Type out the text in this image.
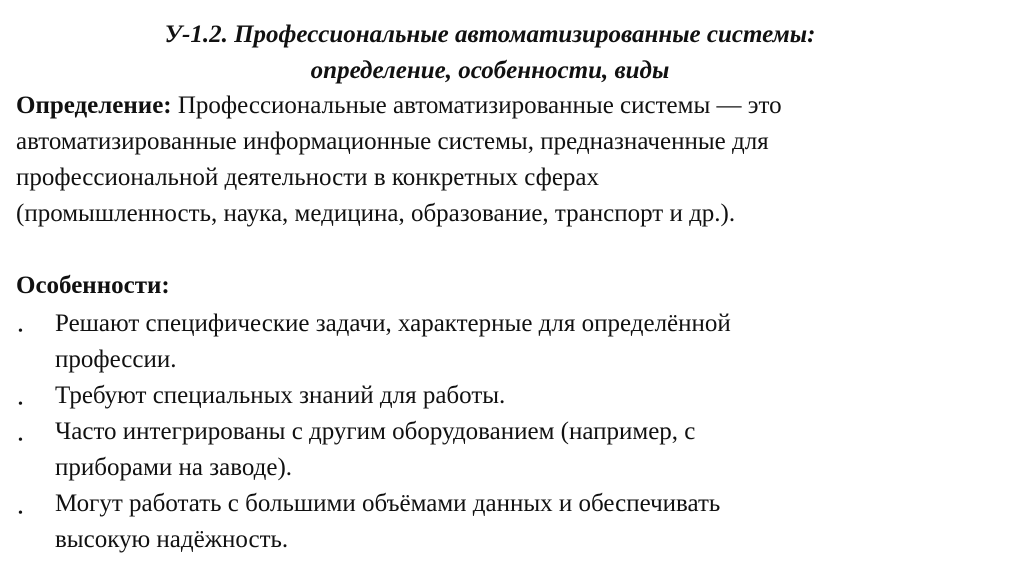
У-1.2. Профессиональные автоматизированные системы:
определение, особенности, виды

Определение: Профессиональные автоматизированные системы — это

автоматизированные информационные системы, предназначенные для

профессиональной деятельности в конкретных сферах

(промышленность, наука, медицина, образование, транспорт и др.).

Особенности:

• Решают специфические задачи, характерные для определённой

профессии.

• Требуют специальных знаний для работы.

• Часто интегрированы с другим оборудованием (например, с

приборами на заводе).

• Могут работать с большими объёмами данных и обеспечивать

высокую надёжность.
